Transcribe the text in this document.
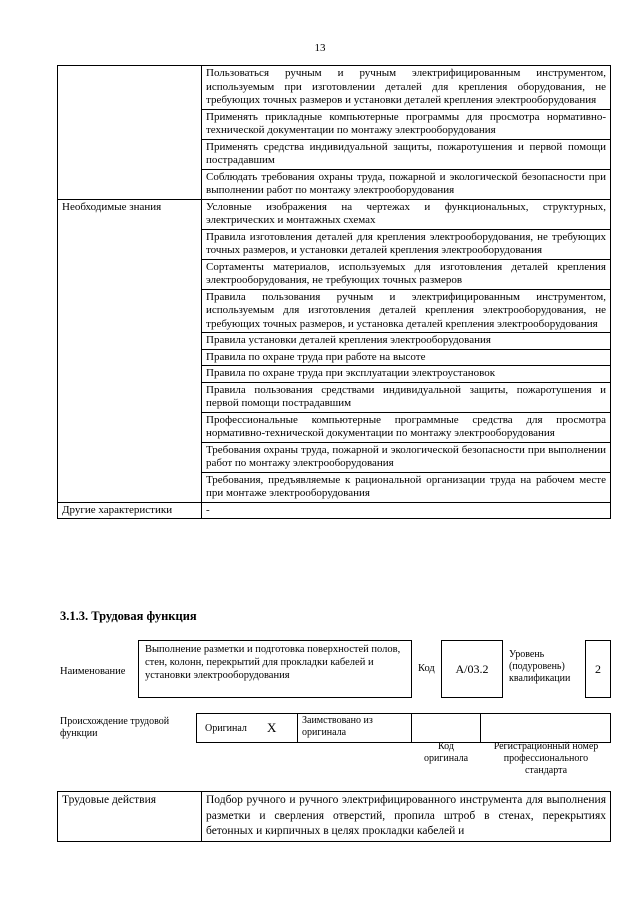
13
	Пользоваться ручным и ручным электрифицированным инструментом, используемым при изготовлении деталей для крепления оборудования, не требующих точных размеров и установки деталей крепления электрооборудования
	Применять прикладные компьютерные программы для просмотра нормативно-технической документации по монтажу электрооборудования
	Применять средства индивидуальной защиты, пожаротушения и первой помощи пострадавшим
	Соблюдать требования охраны труда, пожарной и экологической безопасности при выполнении работ по монтажу электрооборудования
Необходимые знания	Условные изображения на чертежах и функциональных, структурных, электрических и монтажных схемах
	Правила изготовления деталей для крепления электрооборудования, не требующих точных размеров, и установки деталей крепления электрооборудования
	Сортаменты материалов, используемых для изготовления деталей крепления электрооборудования, не требующих точных размеров
	Правила пользования ручным и электрифицированным инструментом, используемым для изготовления деталей крепления электрооборудования, не требующих точных размеров, и установка деталей крепления электрооборудования
	Правила установки деталей крепления электрооборудования
	Правила по охране труда при работе на высоте
	Правила по охране труда при эксплуатации электроустановок
	Правила пользования средствами индивидуальной защиты, пожаротушения и первой помощи пострадавшим
	Профессиональные компьютерные программные средства для просмотра нормативно-технической документации по монтажу электрооборудования
	Требования охраны труда, пожарной и экологической безопасности при выполнении работ по монтажу электрооборудования
	Требования, предъявляемые к рациональной организации труда на рабочем месте при монтаже электрооборудования
Другие характеристики	-
3.1.3. Трудовая функция
Наименование
Выполнение разметки и подготовка поверхностей полов, стен, колонн, перекрытий для прокладки кабелей и установки электрооборудования
Код	A/03.2
Уровень (подуровень) квалификации
2
Происхождение трудовой функции	Оригинал X	Заимствовано из оригинала
Код оригинала
Регистрационный номер профессионального стандарта
Трудовые действия	Подбор ручного и ручного электрифицированного инструмента для выполнения разметки и сверления отверстий, пропила штроб в стенах, перекрытиях бетонных и кирпичных в целях прокладки кабелей и
